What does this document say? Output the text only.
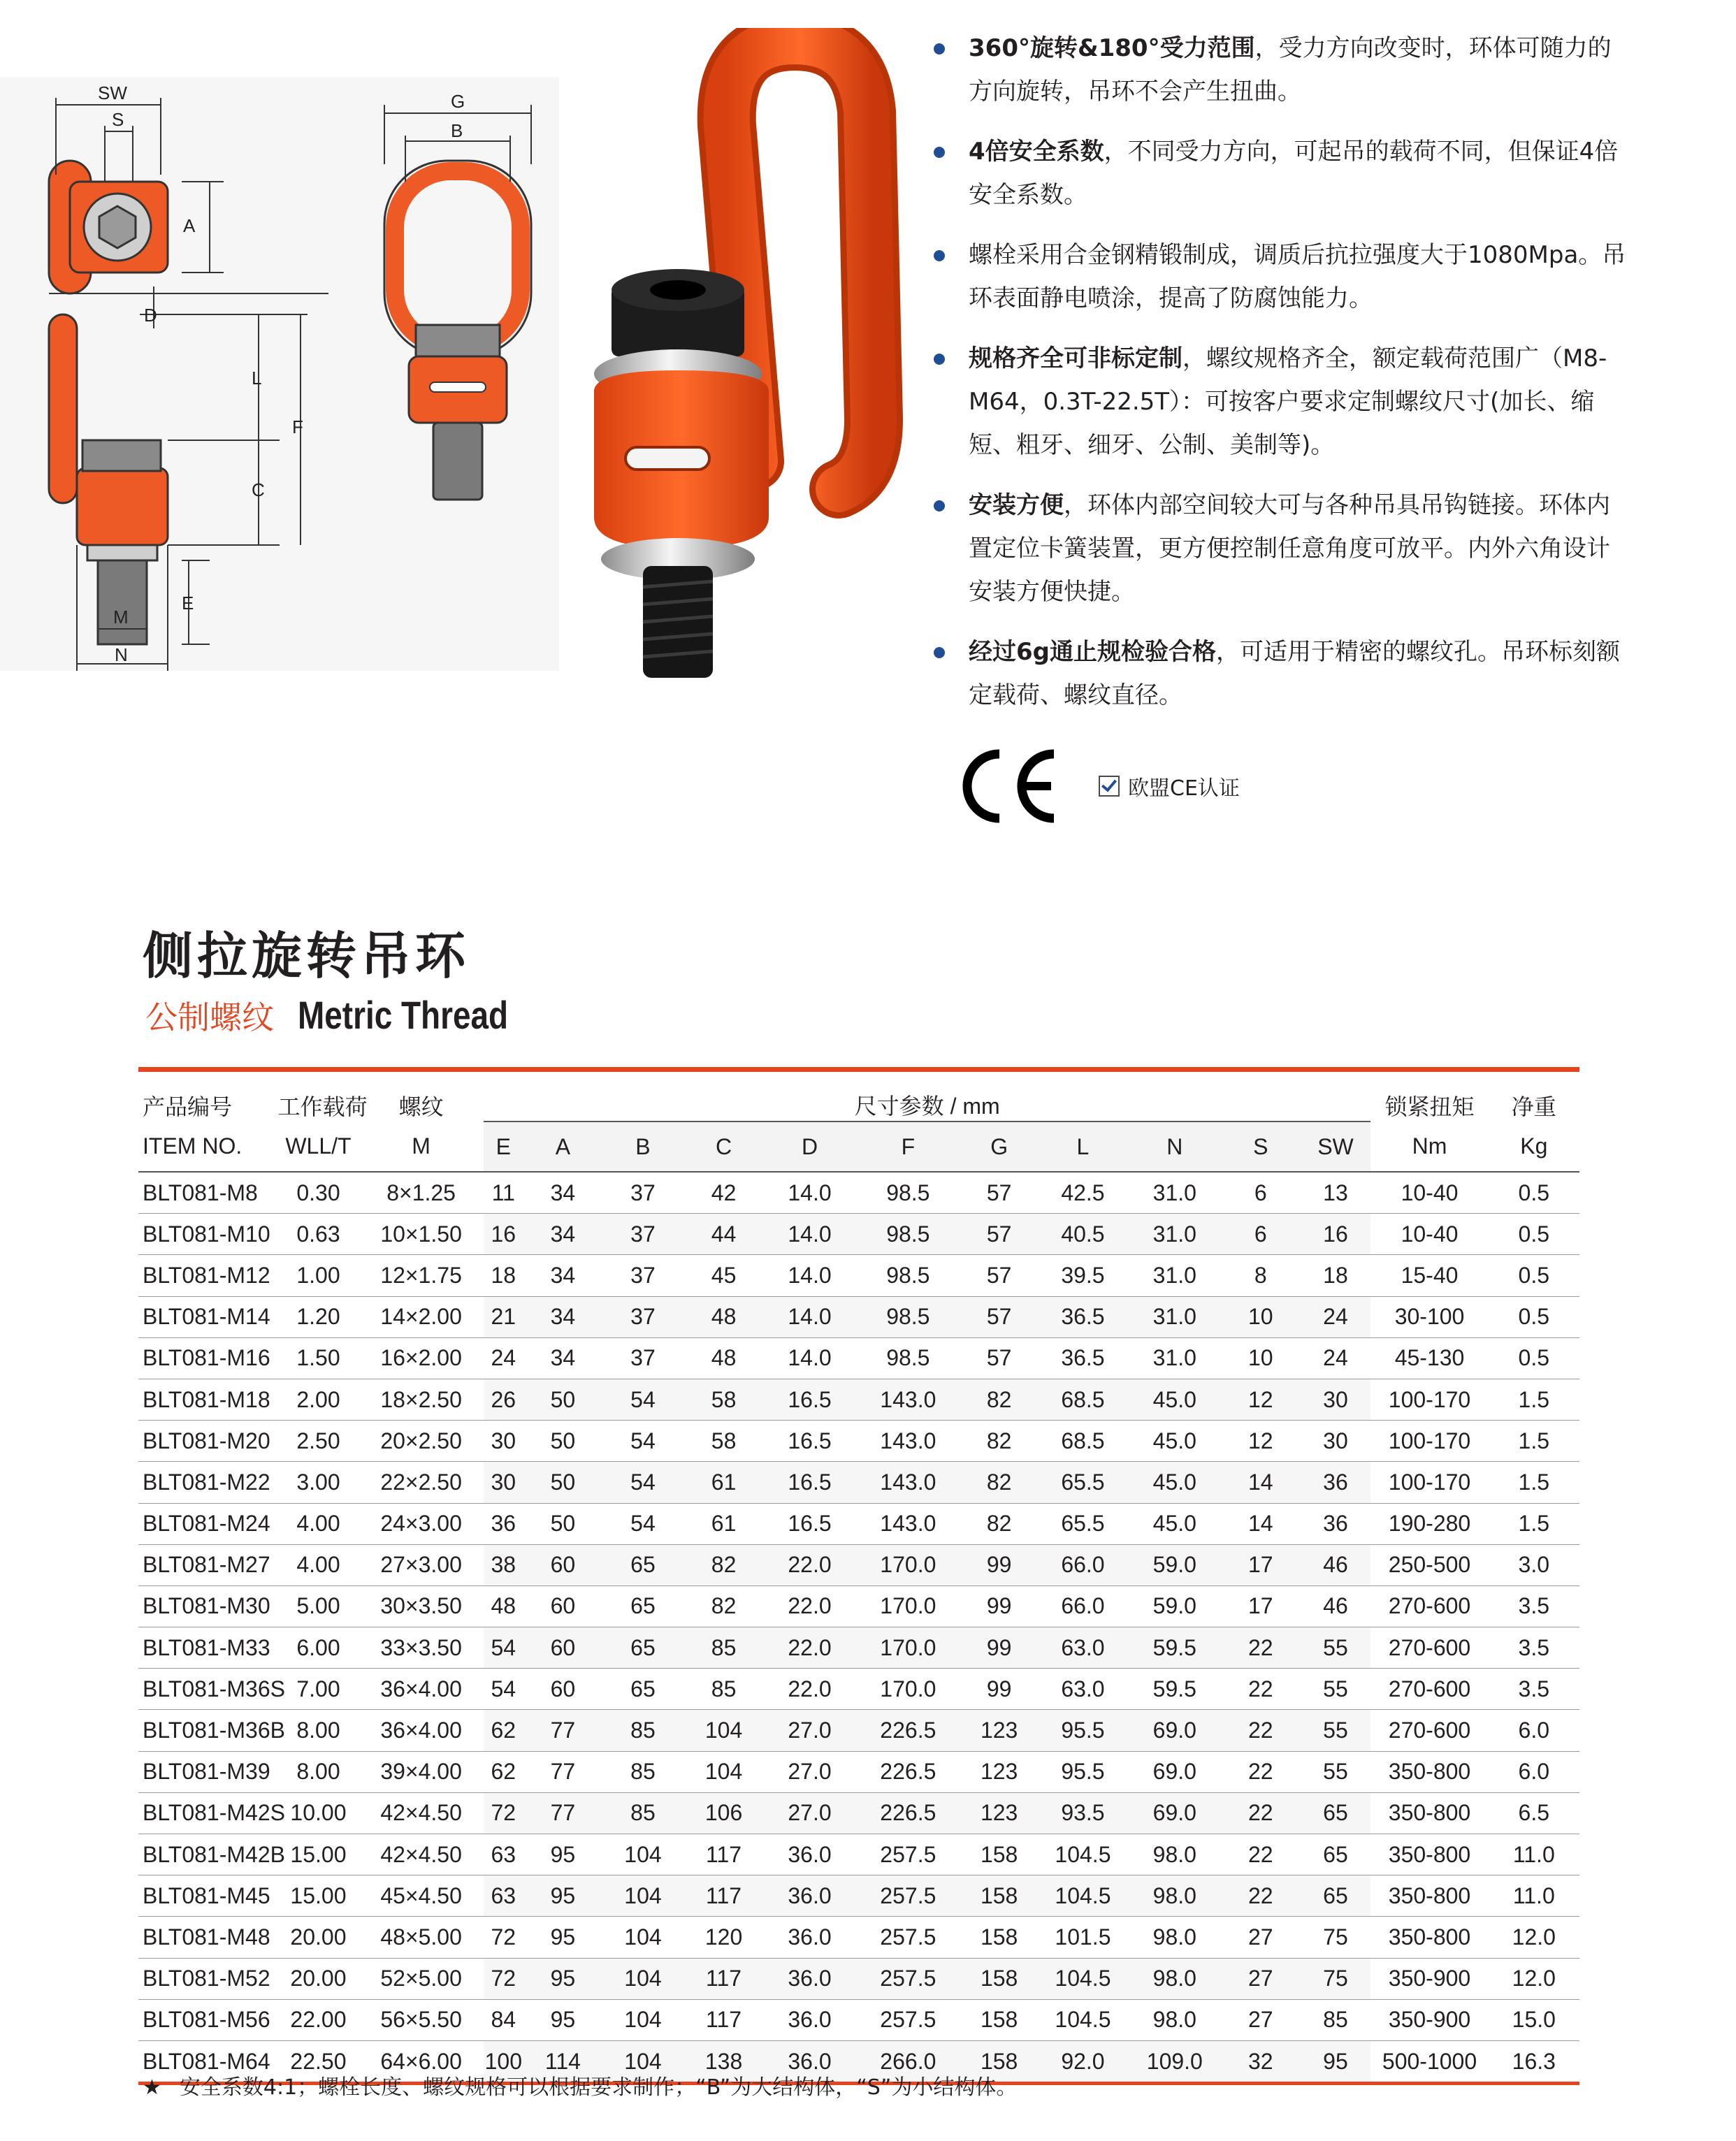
SW
S
A
D
L
C
F
E
M
N
G
B
360°旋转&180°受力范围，受力方向改变时，环体可随力的方向旋转，吊环不会产生扭曲。
4倍安全系数，不同受力方向，可起吊的载荷不同，但保证4倍安全系数。
螺栓采用合金钢精锻制成，调质后抗拉强度大于1080Mpa。吊环表面静电喷涂，提高了防腐蚀能力。
规格齐全可非标定制，螺纹规格齐全，额定载荷范围广（M8-M64，0.3T-22.5T）：可按客户要求定制螺纹尺寸(加长、缩短、粗牙、细牙、公制、美制等)。
安装方便，环体内部空间较大可与各种吊具吊钩链接。环体内置定位卡簧装置，更方便控制任意角度可放平。内外六角设计安装方便快捷。
经过6g通止规检验合格，可适用于精密的螺纹孔。吊环标刻额定载荷、螺纹直径。
欧盟CE认证
侧拉旋转吊环
公制螺纹 Metric Thread
产品编号	工作载荷	螺纹	尺寸参数 / mm											锁紧扭矩	净重
ITEM NO.	WLL/T	M	E	A	B	C	D	F	G	L	N	S	SW	Nm	Kg
BLT081-M8	0.30	8×1.25	11	34	37	42	14.0	98.5	57	42.5	31.0	6	13	10-40	0.5
BLT081-M10	0.63	10×1.50	16	34	37	44	14.0	98.5	57	40.5	31.0	6	16	10-40	0.5
BLT081-M12	1.00	12×1.75	18	34	37	45	14.0	98.5	57	39.5	31.0	8	18	15-40	0.5
BLT081-M14	1.20	14×2.00	21	34	37	48	14.0	98.5	57	36.5	31.0	10	24	30-100	0.5
BLT081-M16	1.50	16×2.00	24	34	37	48	14.0	98.5	57	36.5	31.0	10	24	45-130	0.5
BLT081-M18	2.00	18×2.50	26	50	54	58	16.5	143.0	82	68.5	45.0	12	30	100-170	1.5
BLT081-M20	2.50	20×2.50	30	50	54	58	16.5	143.0	82	68.5	45.0	12	30	100-170	1.5
BLT081-M22	3.00	22×2.50	30	50	54	61	16.5	143.0	82	65.5	45.0	14	36	100-170	1.5
BLT081-M24	4.00	24×3.00	36	50	54	61	16.5	143.0	82	65.5	45.0	14	36	190-280	1.5
BLT081-M27	4.00	27×3.00	38	60	65	82	22.0	170.0	99	66.0	59.0	17	46	250-500	3.0
BLT081-M30	5.00	30×3.50	48	60	65	82	22.0	170.0	99	66.0	59.0	17	46	270-600	3.5
BLT081-M33	6.00	33×3.50	54	60	65	85	22.0	170.0	99	63.0	59.5	22	55	270-600	3.5
BLT081-M36S	7.00	36×4.00	54	60	65	85	22.0	170.0	99	63.0	59.5	22	55	270-600	3.5
BLT081-M36B	8.00	36×4.00	62	77	85	104	27.0	226.5	123	95.5	69.0	22	55	270-600	6.0
BLT081-M39	8.00	39×4.00	62	77	85	104	27.0	226.5	123	95.5	69.0	22	55	350-800	6.0
BLT081-M42S	10.00	42×4.50	72	77	85	106	27.0	226.5	123	93.5	69.0	22	65	350-800	6.5
BLT081-M42B	15.00	42×4.50	63	95	104	117	36.0	257.5	158	104.5	98.0	22	65	350-800	11.0
BLT081-M45	15.00	45×4.50	63	95	104	117	36.0	257.5	158	104.5	98.0	22	65	350-800	11.0
BLT081-M48	20.00	48×5.00	72	95	104	120	36.0	257.5	158	101.5	98.0	27	75	350-800	12.0
BLT081-M52	20.00	52×5.00	72	95	104	117	36.0	257.5	158	104.5	98.0	27	75	350-900	12.0
BLT081-M56	22.00	56×5.50	84	95	104	117	36.0	257.5	158	104.5	98.0	27	85	350-900	15.0
BLT081-M64	22.50	64×6.00	100	114	104	138	36.0	266.0	158	92.0	109.0	32	95	500-1000	16.3
★ 安全系数4:1；螺栓长度、螺纹规格可以根据要求制作；“B”为大结构体，“S”为小结构体。
